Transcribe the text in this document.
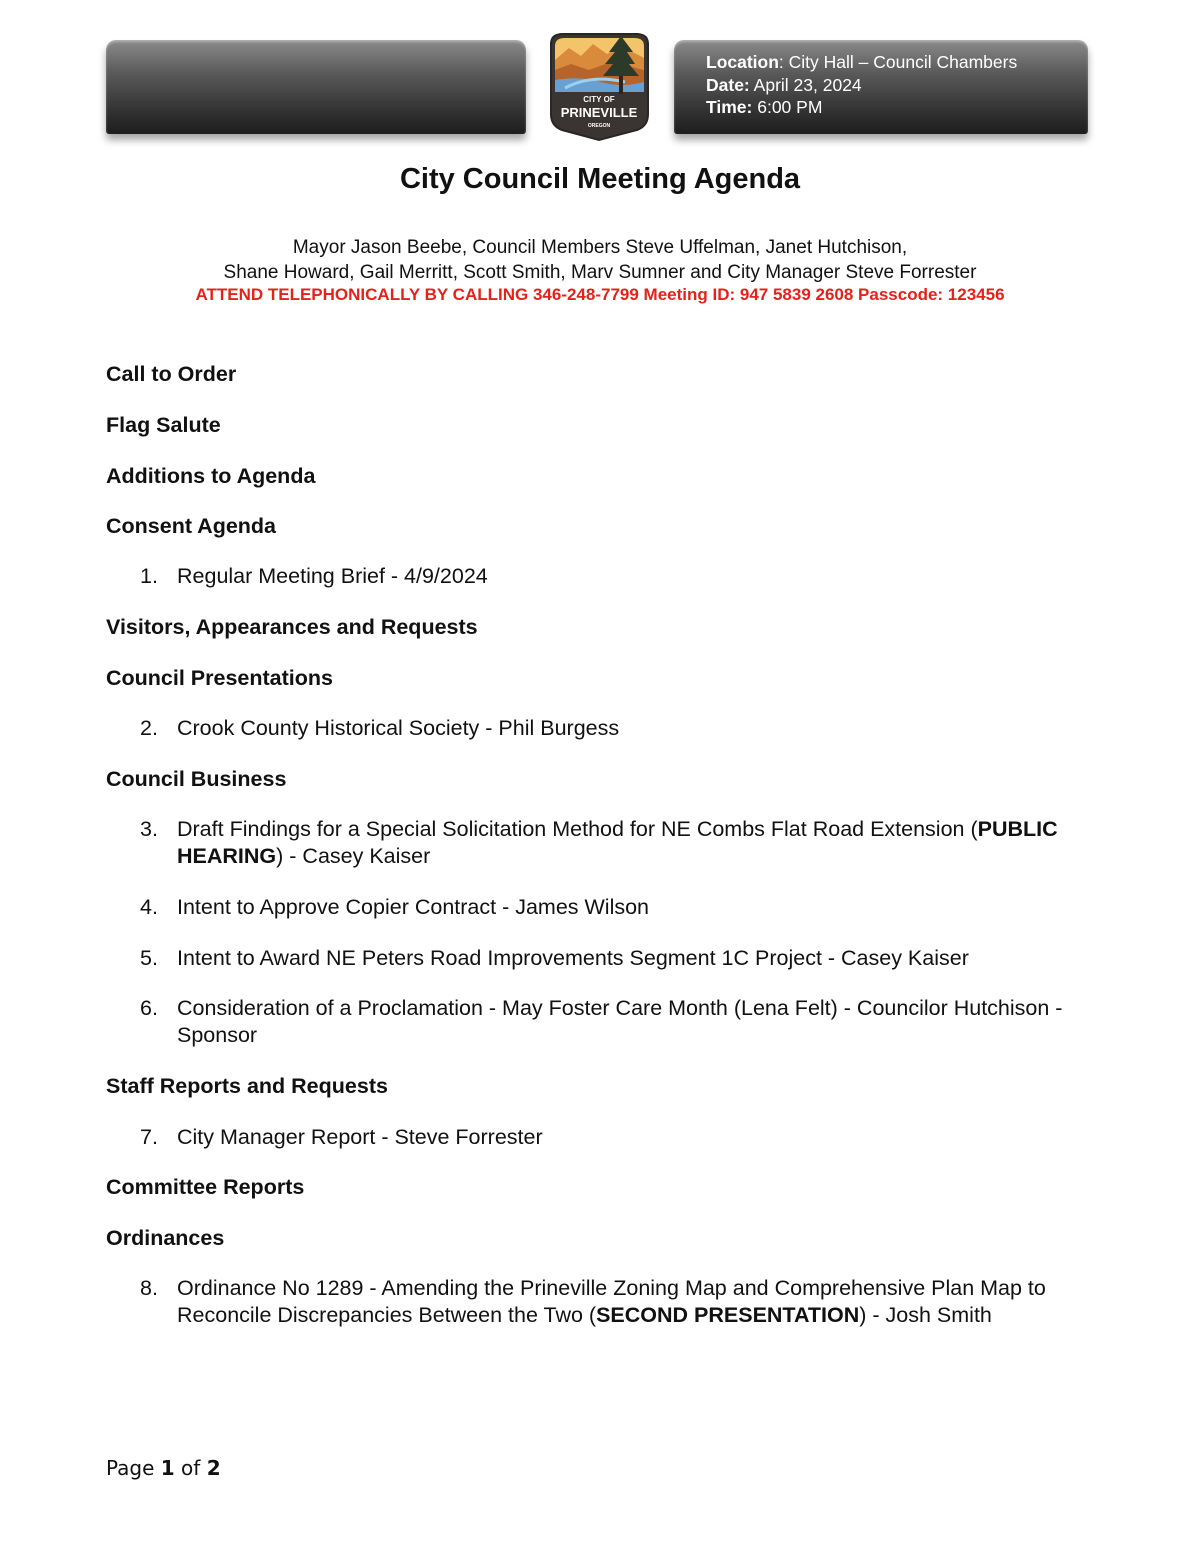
Location: City Hall – Council Chambers
Date: April 23, 2024
Time: 6:00 PM
CITY OF
PRINEVILLE
OREGON
City Council Meeting Agenda
Mayor Jason Beebe, Council Members Steve Uffelman, Janet Hutchison,
Shane Howard, Gail Merritt, Scott Smith, Marv Sumner and City Manager Steve Forrester
ATTEND TELEPHONICALLY BY CALLING 346-248-7799 Meeting ID: 947 5839 2608 Passcode: 123456
Call to Order
Flag Salute
Additions to Agenda
Consent Agenda
1. Regular Meeting Brief - 4/9/2024
Visitors, Appearances and Requests
Council Presentations
2. Crook County Historical Society - Phil Burgess
Council Business
3. Draft Findings for a Special Solicitation Method for NE Combs Flat Road Extension (PUBLIC HEARING) - Casey Kaiser
4. Intent to Approve Copier Contract - James Wilson
5. Intent to Award NE Peters Road Improvements Segment 1C Project - Casey Kaiser
6. Consideration of a Proclamation - May Foster Care Month (Lena Felt) - Councilor Hutchison -Sponsor
Staff Reports and Requests
7. City Manager Report - Steve Forrester
Committee Reports
Ordinances
8. Ordinance No 1289 - Amending the Prineville Zoning Map and Comprehensive Plan Map to Reconcile Discrepancies Between the Two (SECOND PRESENTATION) - Josh Smith
Page 1 of 2
